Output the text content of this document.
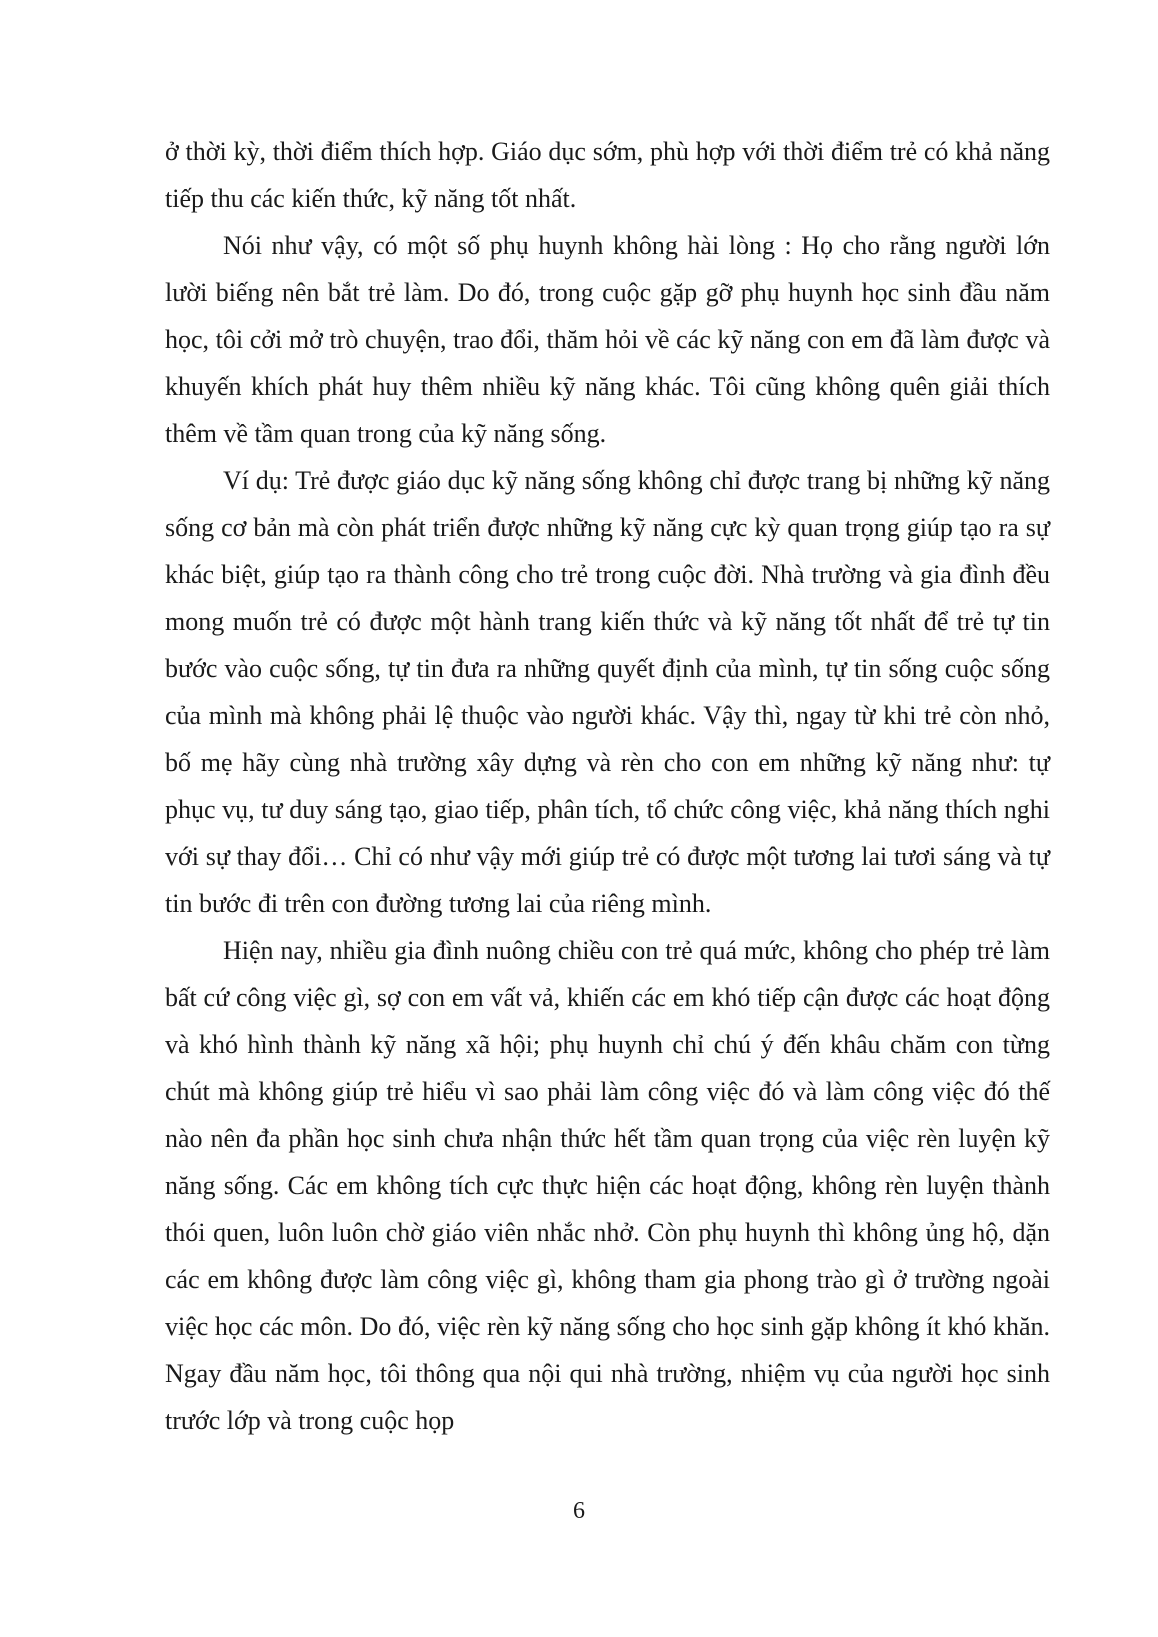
ở thời kỳ, thời điểm thích hợp. Giáo dục sớm, phù hợp với thời điểm trẻ có khả năng tiếp thu các kiến thức, kỹ năng tốt nhất.

Nói như vậy, có một số phụ huynh không hài lòng : Họ cho rằng người lớn lười biếng nên bắt trẻ làm. Do đó, trong cuộc gặp gỡ phụ huynh học sinh đầu năm học, tôi cởi mở trò chuyện, trao đổi, thăm hỏi về các kỹ năng con em đã làm được và khuyến khích phát huy thêm nhiều kỹ năng khác. Tôi cũng không quên giải thích thêm về tầm quan trong của kỹ năng sống.

Ví dụ: Trẻ được giáo dục kỹ năng sống không chỉ được trang bị những kỹ năng sống cơ bản mà còn phát triển được những kỹ năng cực kỳ quan trọng giúp tạo ra sự khác biệt, giúp tạo ra thành công cho trẻ trong cuộc đời. Nhà trường và gia đình đều mong muốn trẻ có được một hành trang kiến thức và kỹ năng tốt nhất để trẻ tự tin bước vào cuộc sống, tự tin đưa ra những quyết định của mình, tự tin sống cuộc sống của mình mà không phải lệ thuộc vào người khác. Vậy thì, ngay từ khi trẻ còn nhỏ, bố mẹ hãy cùng nhà trường xây dựng và rèn cho con em những kỹ năng như: tự phục vụ, tư duy sáng tạo, giao tiếp, phân tích, tổ chức công việc, khả năng thích nghi với sự thay đổi… Chỉ có như vậy mới giúp trẻ có được một tương lai tươi sáng và tự tin bước đi trên con đường tương lai của riêng mình.

Hiện nay, nhiều gia đình nuông chiều con trẻ quá mức, không cho phép trẻ làm bất cứ công việc gì, sợ con em vất vả, khiến các em khó tiếp cận được các hoạt động và khó hình thành kỹ năng xã hội; phụ huynh chỉ chú ý đến khâu chăm con từng chút mà không giúp trẻ hiểu vì sao phải làm công việc đó và làm công việc đó thế nào nên đa phần học sinh chưa nhận thức hết tầm quan trọng của việc rèn luyện kỹ năng sống. Các em không tích cực thực hiện các hoạt động, không rèn luyện thành thói quen, luôn luôn chờ giáo viên nhắc nhở. Còn phụ huynh thì không ủng hộ, dặn các em không được làm công việc gì, không tham gia phong trào gì ở trường ngoài việc học các môn. Do đó, việc rèn kỹ năng sống cho học sinh gặp không ít khó khăn. Ngay đầu năm học, tôi thông qua nội qui nhà trường, nhiệm vụ của người học sinh trước lớp và trong cuộc họp

6
